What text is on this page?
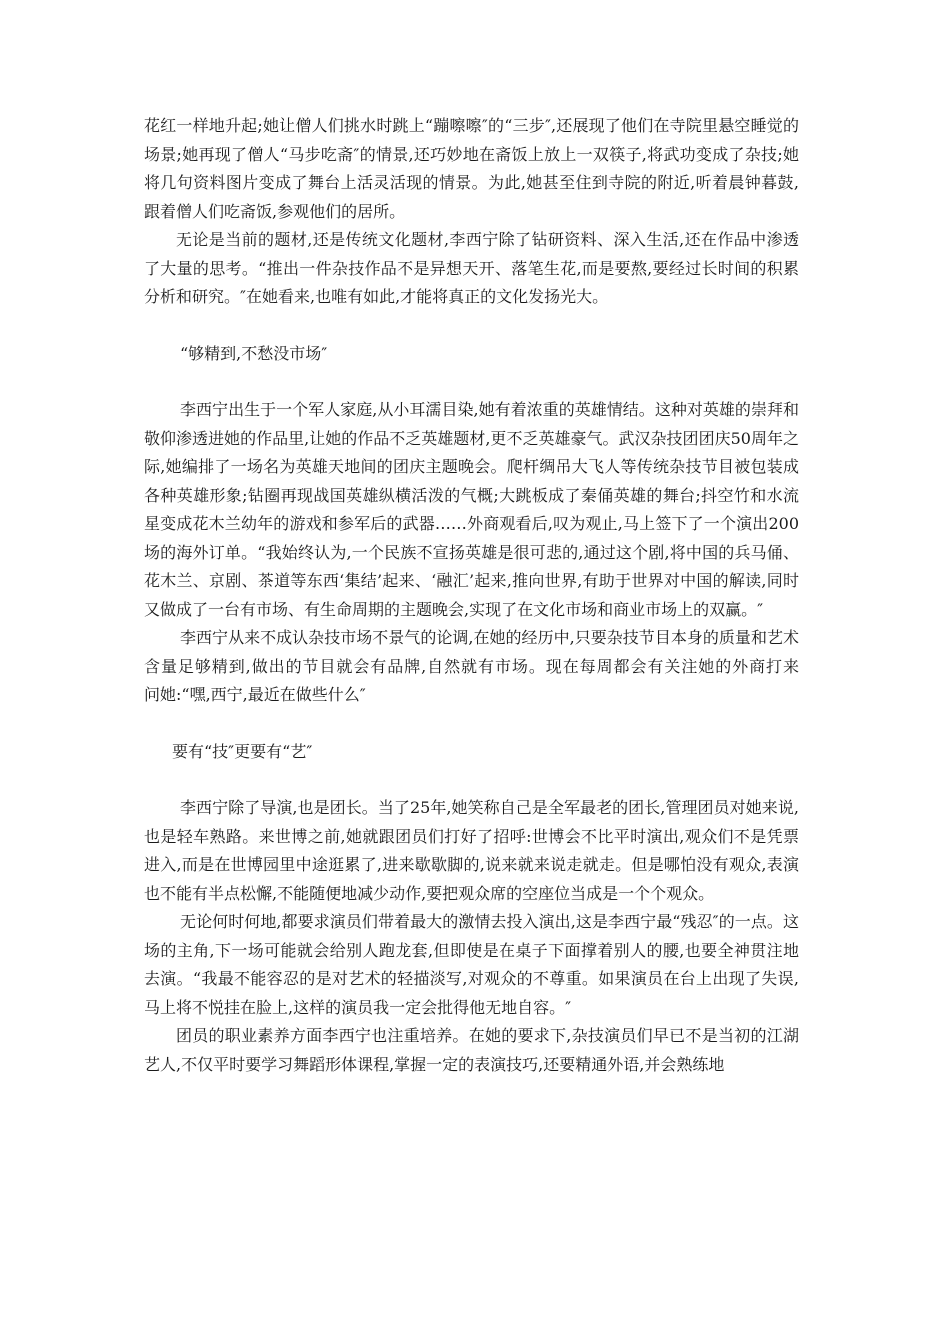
花红一样地升起;她让僧人们挑水时跳上“蹦嚓嚓″的“三步″,还展现了他们在寺院里悬空睡觉的场景;她再现了僧人“马步吃斋″的情景,还巧妙地在斋饭上放上一双筷子,将武功变成了杂技;她将几句资料图片变成了舞台上活灵活现的情景。为此,她甚至住到寺院的附近,听着晨钟暮鼓,跟着僧人们吃斋饭,参观他们的居所。

无论是当前的题材,还是传统文化题材,李西宁除了钻研资料、深入生活,还在作品中渗透了大量的思考。“推出一件杂技作品不是异想天开、落笔生花,而是要熬,要经过长时间的积累分析和研究。″在她看来,也唯有如此,才能将真正的文化发扬光大。

“够精到,不愁没市场″

李西宁出生于一个军人家庭,从小耳濡目染,她有着浓重的英雄情结。这种对英雄的崇拜和敬仰渗透进她的作品里,让她的作品不乏英雄题材,更不乏英雄豪气。武汉杂技团团庆50周年之际,她编排了一场名为英雄天地间的团庆主题晚会。爬杆绸吊大飞人等传统杂技节目被包装成各种英雄形象;钻圈再现战国英雄纵横活泼的气概;大跳板成了秦俑英雄的舞台;抖空竹和水流星变成花木兰幼年的游戏和参军后的武器……外商观看后,叹为观止,马上签下了一个演出200场的海外订单。“我始终认为,一个民族不宣扬英雄是很可悲的,通过这个剧,将中国的兵马俑、花木兰、京剧、茶道等东西‘集结’起来、‘融汇’起来,推向世界,有助于世界对中国的解读,同时又做成了一台有市场、有生命周期的主题晚会,实现了在文化市场和商业市场上的双赢。″

李西宁从来不成认杂技市场不景气的论调,在她的经历中,只要杂技节目本身的质量和艺术含量足够精到,做出的节目就会有品牌,自然就有市场。现在每周都会有关注她的外商打来　　问她:“嘿,西宁,最近在做些什么″

要有“技″更要有“艺″

李西宁除了导演,也是团长。当了25年,她笑称自己是全军最老的团长,管理团员对她来说,也是轻车熟路。来世博之前,她就跟团员们打好了招呼:世博会不比平时演出,观众们不是凭票进入,而是在世博园里中途逛累了,进来歇歇脚的,说来就来说走就走。但是哪怕没有观众,表演也不能有半点松懈,不能随便地减少动作,要把观众席的空座位当成是一个个观众。

无论何时何地,都要求演员们带着最大的激情去投入演出,这是李西宁最“残忍″的一点。这场的主角,下一场可能就会给别人跑龙套,但即使是在桌子下面撑着别人的腰,也要全神贯注地去演。“我最不能容忍的是对艺术的轻描淡写,对观众的不尊重。如果演员在台上出现了失误,马上将不悦挂在脸上,这样的演员我一定会批得他无地自容。″

团员的职业素养方面李西宁也注重培养。在她的要求下,杂技演员们早已不是当初的江湖艺人,不仅平时要学习舞蹈形体课程,掌握一定的表演技巧,还要精通外语,并会熟练地
